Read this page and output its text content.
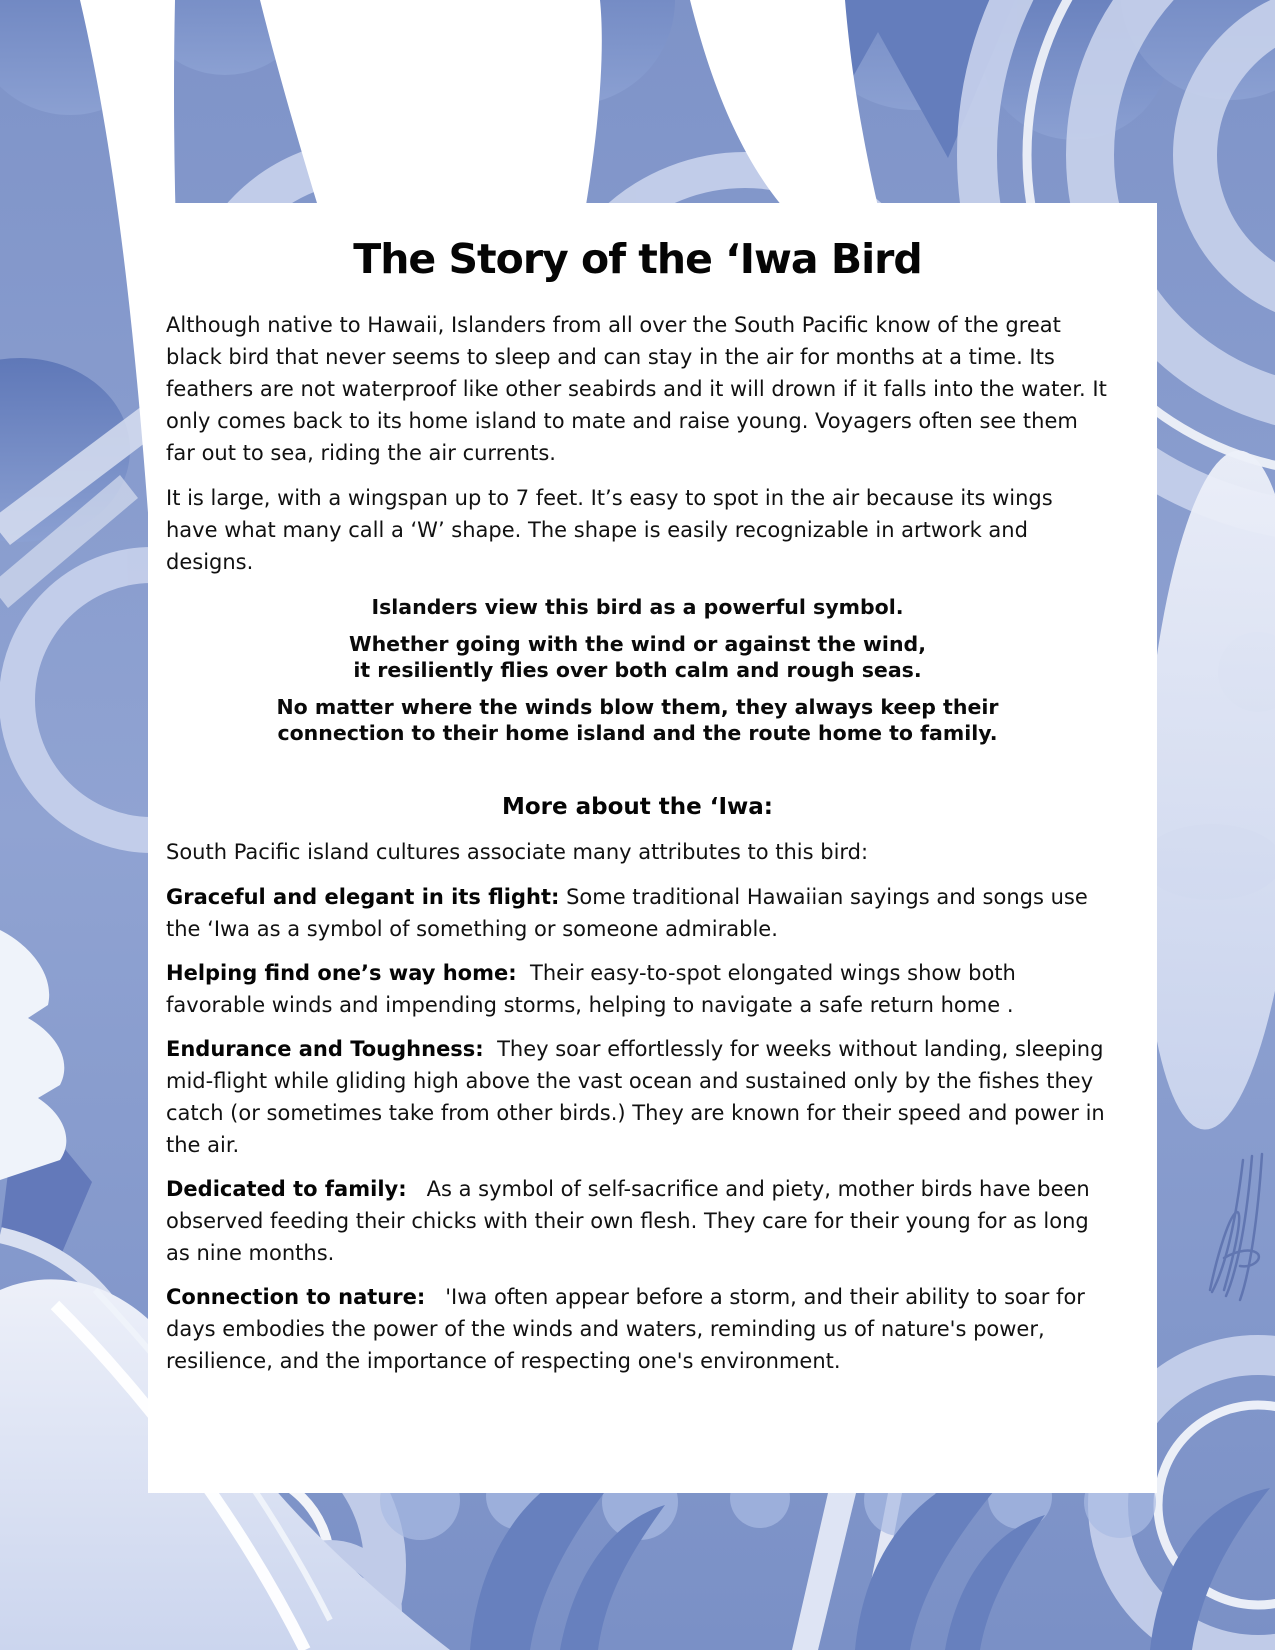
The Story of the ‘Iwa Bird

Although native to Hawaii, Islanders from all over the South Pacific know of the great black bird that never seems to sleep and can stay in the air for months at a time. Its feathers are not waterproof like other seabirds and it will drown if it falls into the water. It only comes back to its home island to mate and raise young. Voyagers often see them far out to sea, riding the air currents.

It is large, with a wingspan up to 7 feet. It’s easy to spot in the air because its wings have what many call a ‘W’ shape. The shape is easily recognizable in artwork and designs.

Islanders view this bird as a powerful symbol.
Whether going with the wind or against the wind,
it resiliently flies over both calm and rough seas.
No matter where the winds blow them, they always keep their
connection to their home island and the route home to family.
More about the ‘Iwa:

South Pacific island cultures associate many attributes to this bird:

Graceful and elegant in its flight: Some traditional Hawaiian sayings and songs use the ‘Iwa as a symbol of something or someone admirable.

Helping find one’s way home:  Their easy-to-spot elongated wings show both favorable winds and impending storms, helping to navigate a safe return home .

Endurance and Toughness:  They soar effortlessly for weeks without landing, sleeping mid-flight while gliding high above the vast ocean and sustained only by the fishes they catch (or sometimes take from other birds.) They are known for their speed and power in the air.

Dedicated to family:   As a symbol of self-sacrifice and piety, mother birds have been observed feeding their chicks with their own flesh. They care for their young for as long as nine months.

Connection to nature:   'Iwa often appear before a storm, and their ability to soar for days embodies the power of the winds and waters, reminding us of nature's power, resilience, and the importance of respecting one's environment.
